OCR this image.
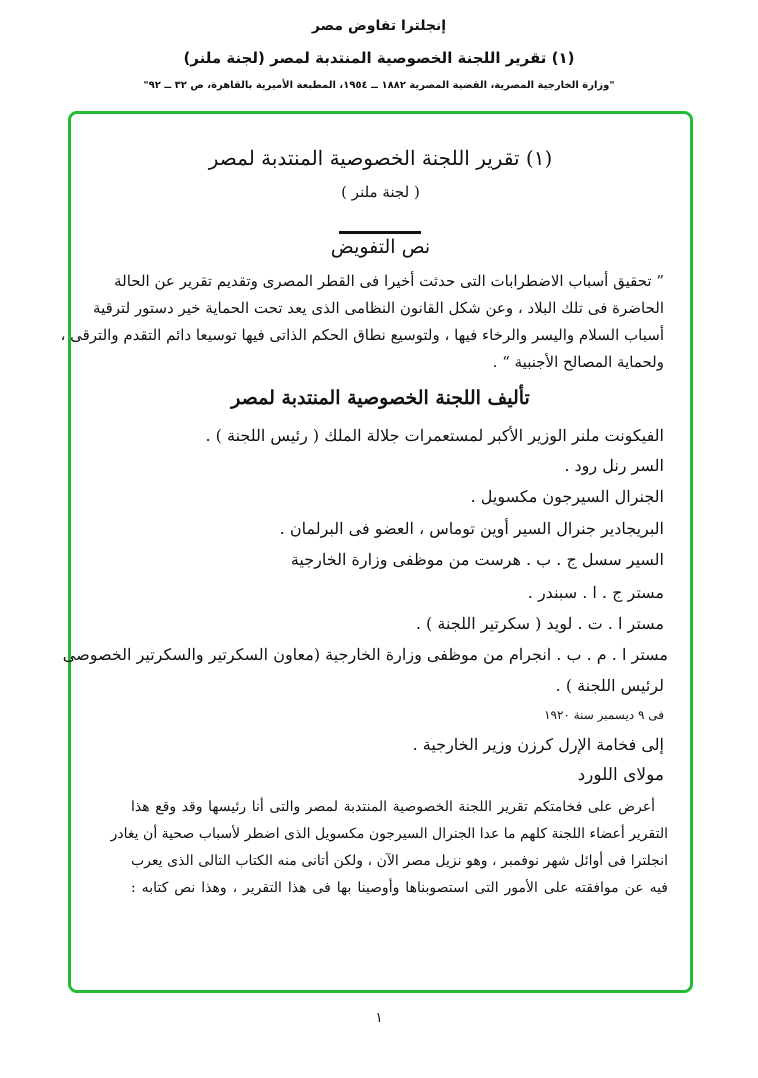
إنجلترا تفاوض مصر
(١) تقرير اللجنة الخصوصية المنتدبة لمصر (لجنة ملنر)
"وزارة الخارجية المصرية، القضية المصرية ١٨٨٢ ــ ١٩٥٤، المطبعة الأميرية بالقاهرة، ص ٣٢ ــ ٩٢"
(١) تقرير اللجنة الخصوصية المنتدبة لمصر
( لجنة ملنر )
نص التفويض
” تحقيق أسباب الاضطرابات التى حدثت أخيرا فى القطر المصرى وتقديم تقرير عن الحالة
الحاضرة فى تلك البلاد ، وعن شكل القانون النظامى الذى يعد تحت الحماية خير دستور لترقية
أسباب السلام واليسر والرخاء فيها ، ولتوسيع نطاق الحكم الذاتى فيها توسيعا دائم التقدم والترقى ،
ولحماية المصالح الأجنبية “ .
تأليف اللجنة الخصوصية المنتدبة لمصر
الفيكونت ملنر الوزير الأكبر لمستعمرات جلالة الملك ( رئيس اللجنة ) .
السر رنل رود .
الجنرال السيرجون مكسويل .
البريجادير جنرال السير أوين توماس ، العضو فى البرلمان .
السير سسل ج . ب . هرست من موظفى وزارة الخارجية
مستر ج . ا . سبندر .
مستر ا . ت . لويد ( سكرتير اللجنة ) .
مستر ا . م . ب . انجرام من موظفى وزارة الخارجية (معاون السكرتير والسكرتير الخصوصى
لرئيس اللجنة ) .
فى ٩ ديسمبر سنة ١٩٢٠
إلى فخامة الإرل كرزن وزير الخارجية .
مولاى اللورد
أعرض على فخامتكم تقرير اللجنة الخصوصية المنتدبة لمصر والتى أنا رئيسها وقد وقع هذا
التقرير أعضاء اللجنة كلهم ما عدا الجنرال السيرجون مكسويل الذى اضطر لأسباب صحية أن يغادر
انجلترا فى أوائل شهر نوفمبر ، وهو نزيل مصر الآن ، ولكن أتانى منه الكتاب التالى الذى يعرب
فيه عن موافقته على الأمور التى استصوبناها وأوصينا بها فى هذا التقرير ، وهذا نص كتابه :
١
